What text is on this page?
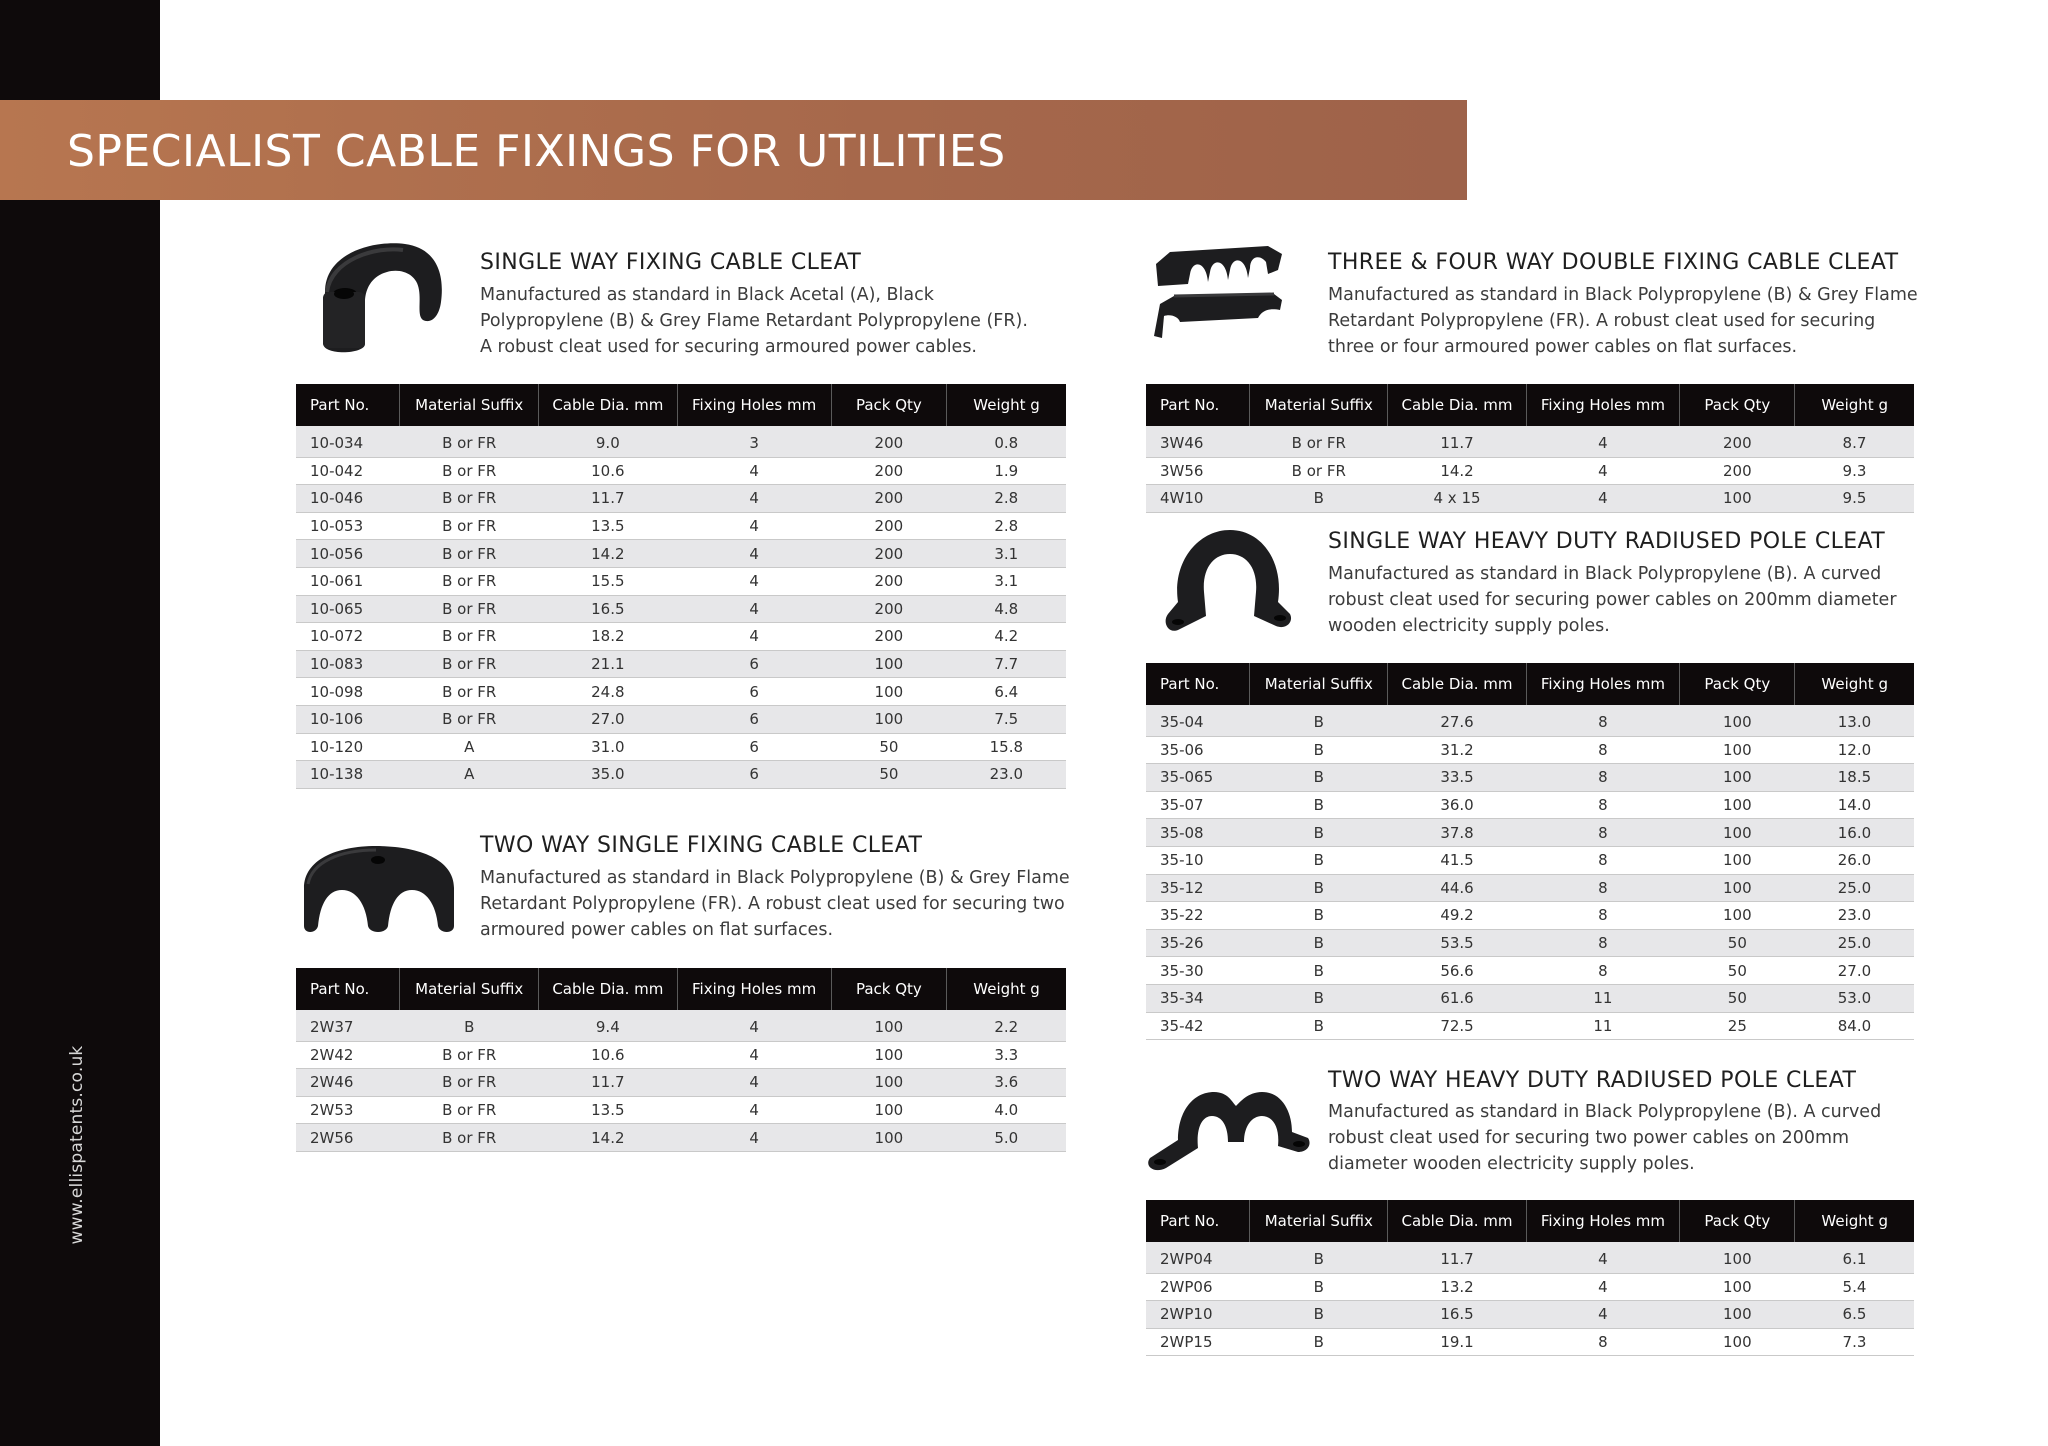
www.ellispatents.co.uk
SPECIALIST CABLE FIXINGS FOR UTILITIES
SINGLE WAY FIXING CABLE CLEAT

Manufactured as standard in Black Acetal (A), Black Polypropylene (B) & Grey Flame Retardant Polypropylene (FR). A robust cleat used for securing armoured power cables.

Part No.	Material Suffix	Cable Dia. mm	Fixing Holes mm	Pack Qty	Weight g
10-034	B or FR	9.0	3	200	0.8
10-042	B or FR	10.6	4	200	1.9
10-046	B or FR	11.7	4	200	2.8
10-053	B or FR	13.5	4	200	2.8
10-056	B or FR	14.2	4	200	3.1
10-061	B or FR	15.5	4	200	3.1
10-065	B or FR	16.5	4	200	4.8
10-072	B or FR	18.2	4	200	4.2
10-083	B or FR	21.1	6	100	7.7
10-098	B or FR	24.8	6	100	6.4
10-106	B or FR	27.0	6	100	7.5
10-120	A	31.0	6	50	15.8
10-138	A	35.0	6	50	23.0
TWO WAY SINGLE FIXING CABLE CLEAT

Manufactured as standard in Black Polypropylene (B) & Grey Flame Retardant Polypropylene (FR). A robust cleat used for securing two armoured power cables on flat surfaces.

Part No.	Material Suffix	Cable Dia. mm	Fixing Holes mm	Pack Qty	Weight g
2W37	B	9.4	4	100	2.2
2W42	B or FR	10.6	4	100	3.3
2W46	B or FR	11.7	4	100	3.6
2W53	B or FR	13.5	4	100	4.0
2W56	B or FR	14.2	4	100	5.0
THREE & FOUR WAY DOUBLE FIXING CABLE CLEAT

Manufactured as standard in Black Polypropylene (B) & Grey Flame Retardant Polypropylene (FR). A robust cleat used for securing three or four armoured power cables on flat surfaces.

Part No.	Material Suffix	Cable Dia. mm	Fixing Holes mm	Pack Qty	Weight g
3W46	B or FR	11.7	4	200	8.7
3W56	B or FR	14.2	4	200	9.3
4W10	B	4 x 15	4	100	9.5
SINGLE WAY HEAVY DUTY RADIUSED POLE CLEAT

Manufactured as standard in Black Polypropylene (B). A curved robust cleat used for securing power cables on 200mm diameter wooden electricity supply poles.

Part No.	Material Suffix	Cable Dia. mm	Fixing Holes mm	Pack Qty	Weight g
35-04	B	27.6	8	100	13.0
35-06	B	31.2	8	100	12.0
35-065	B	33.5	8	100	18.5
35-07	B	36.0	8	100	14.0
35-08	B	37.8	8	100	16.0
35-10	B	41.5	8	100	26.0
35-12	B	44.6	8	100	25.0
35-22	B	49.2	8	100	23.0
35-26	B	53.5	8	50	25.0
35-30	B	56.6	8	50	27.0
35-34	B	61.6	11	50	53.0
35-42	B	72.5	11	25	84.0
TWO WAY HEAVY DUTY RADIUSED POLE CLEAT

Manufactured as standard in Black Polypropylene (B). A curved robust cleat used for securing two power cables on 200mm diameter wooden electricity supply poles.

Part No.	Material Suffix	Cable Dia. mm	Fixing Holes mm	Pack Qty	Weight g
2WP04	B	11.7	4	100	6.1
2WP06	B	13.2	4	100	5.4
2WP10	B	16.5	4	100	6.5
2WP15	B	19.1	8	100	7.3
